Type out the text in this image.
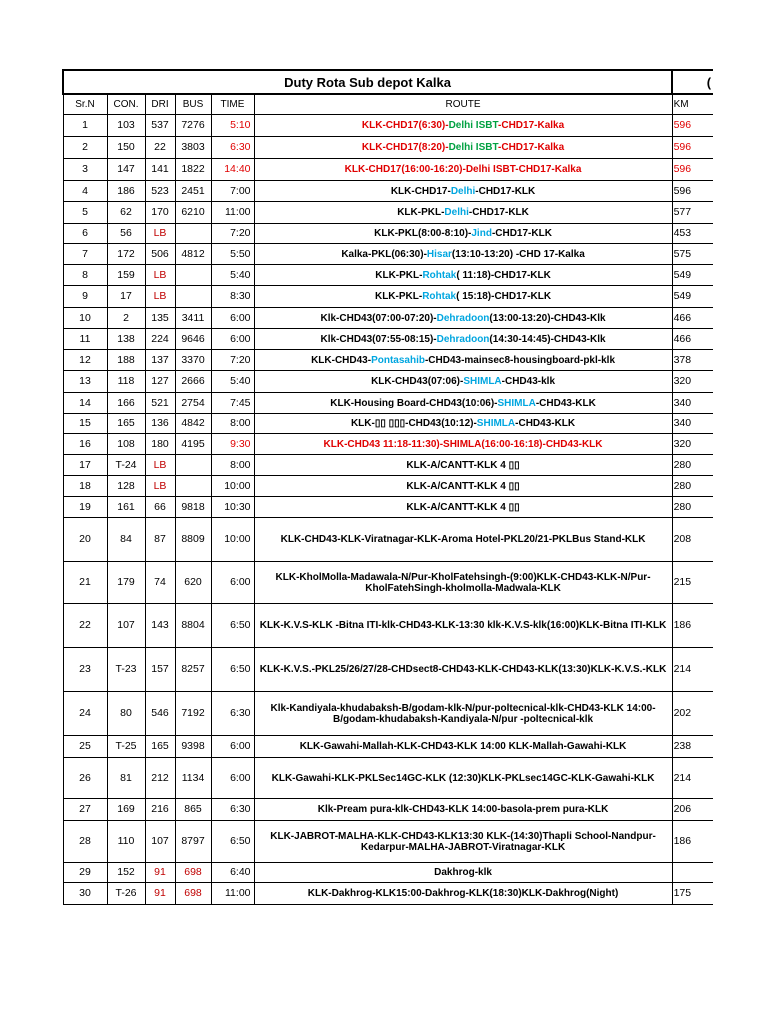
Duty Rota Sub depot Kalka						(
Sr.N	CON.	DRI	BUS	TIME	ROUTE	KM
1	103	537	7276	5:10	KLK-CHD17(6:30)-Delhi ISBT-CHD17-Kalka	596
2	150	22	3803	6:30	KLK-CHD17(8:20)-Delhi ISBT-CHD17-Kalka	596
3	147	141	1822	14:40	KLK-CHD17(16:00-16:20)-Delhi ISBT-CHD17-Kalka	596
4	186	523	2451	7:00	KLK-CHD17-Delhi-CHD17-KLK	596
5	62	170	6210	11:00	KLK-PKL-Delhi-CHD17-KLK	577
6	56	LB		7:20	KLK-PKL(8:00-8:10)-Jind-CHD17-KLK	453
7	172	506	4812	5:50	Kalka-PKL(06:30)-Hisar(13:10-13:20) -CHD 17-Kalka	575
8	159	LB		5:40	KLK-PKL-Rohtak( 11:18)-CHD17-KLK	549
9	17	LB		8:30	KLK-PKL-Rohtak( 15:18)-CHD17-KLK	549
10	2	135	3411	6:00	Klk-CHD43(07:00-07:20)-Dehradoon(13:00-13:20)-CHD43-Klk	466
11	138	224	9646	6:00	Klk-CHD43(07:55-08:15)-Dehradoon(14:30-14:45)-CHD43-Klk	466
12	188	137	3370	7:20	KLK-CHD43-Pontasahib-CHD43-mainsec8-housingboard-pkl-klk	378
13	118	127	2666	5:40	KLK-CHD43(07:06)-SHIMLA-CHD43-klk	320
14	166	521	2754	7:45	KLK-Housing Board-CHD43(10:06)-SHIMLA-CHD43-KLK	340
15	165	136	4842	8:00	KLK-▯▯ ▯▯▯-CHD43(10:12)-SHIMLA-CHD43-KLK	340
16	108	180	4195	9:30	KLK-CHD43 11:18-11:30)-SHIMLA(16:00-16:18)-CHD43-KLK	320
17	T-24	LB		8:00	KLK-A/CANTT-KLK 4 ▯▯	280
18	128	LB		10:00	KLK-A/CANTT-KLK 4 ▯▯	280
19	161	66	9818	10:30	KLK-A/CANTT-KLK 4 ▯▯	280
20	84	87	8809	10:00	KLK-CHD43-KLK-Viratnagar-KLK-Aroma Hotel-PKL20/21-PKLBus Stand-KLK	208
21	179	74	620	6:00	KLK-KholMolla-Madawala-N/Pur-KholFatehsingh-(9:00)KLK-CHD43-KLK-N/Pur-KholFatehSingh-kholmolla-Madwala-KLK	215
22	107	143	8804	6:50	KLK-K.V.S-KLK -Bitna ITI-klk-CHD43-KLK-13:30 klk-K.V.S-klk(16:00)KLK-Bitna ITI-KLK	186
23	T-23	157	8257	6:50	KLK-K.V.S.-PKL25/26/27/28-CHDsect8-CHD43-KLK-CHD43-KLK(13:30)KLK-K.V.S.-KLK	214
24	80	546	7192	6:30	Klk-Kandiyala-khudabaksh-B/godam-klk-N/pur-poltecnical-klk-CHD43-KLK 14:00-B/godam-khudabaksh-Kandiyala-N/pur -poltecnical-klk	202
25	T-25	165	9398	6:00	KLK-Gawahi-Mallah-KLK-CHD43-KLK 14:00 KLK-Mallah-Gawahi-KLK	238
26	81	212	1134	6:00	KLK-Gawahi-KLK-PKLSec14GC-KLK (12:30)KLK-PKLsec14GC-KLK-Gawahi-KLK	214
27	169	216	865	6:30	Klk-Pream pura-klk-CHD43-KLK 14:00-basola-prem pura-KLK	206
28	110	107	8797	6:50	KLK-JABROT-MALHA-KLK-CHD43-KLK13:30 KLK-(14:30)Thapli School-Nandpur-Kedarpur-MALHA-JABROT-Viratnagar-KLK	186
29	152	91	698	6:40	Dakhrog-klk	
30	T-26	91	698	11:00	KLK-Dakhrog-KLK15:00-Dakhrog-KLK(18:30)KLK-Dakhrog(Night)	175
